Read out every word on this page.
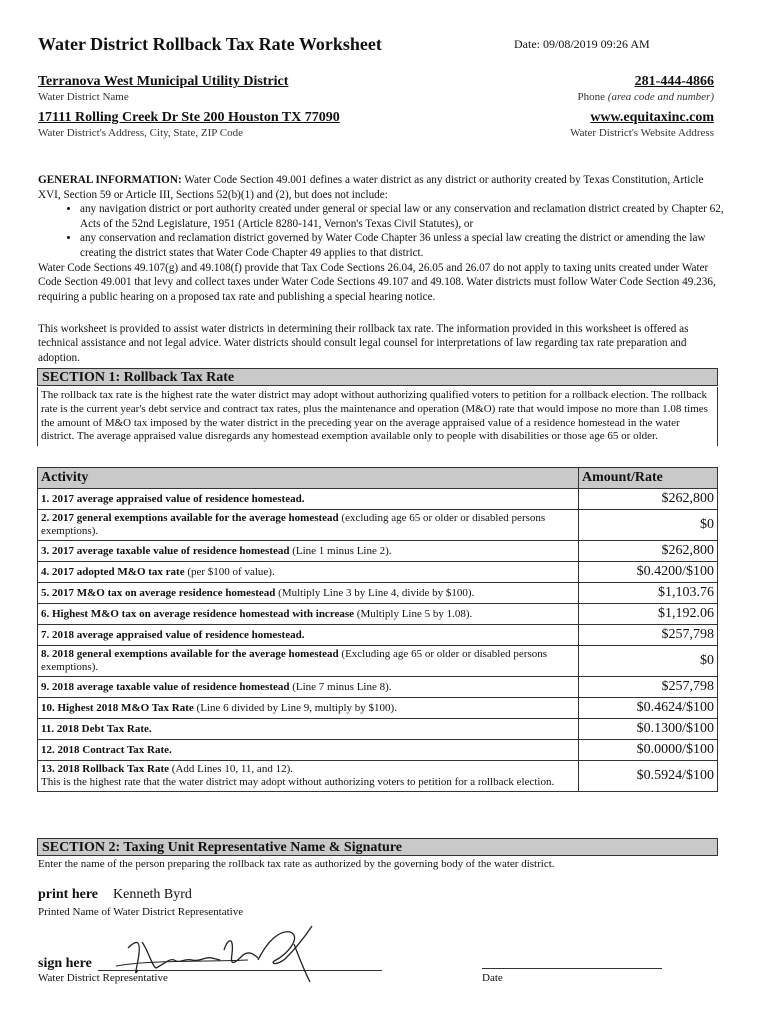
Water District Rollback Tax Rate Worksheet	Date: 09/08/2019 09:26 AM
Terranova West Municipal Utility District
Water District Name
281-444-4866
Phone (area code and number)
17111 Rolling Creek Dr Ste 200 Houston TX 77090
Water District's Address, City, State, ZIP Code
www.equitaxinc.com
Water District's Website Address
GENERAL INFORMATION: Water Code Section 49.001 defines a water district as any district or authority created by Texas Constitution, Article XVI, Section 59 or Article III, Sections 52(b)(1) and (2), but does not include:
• any navigation district or port authority created under general or special law or any conservation and reclamation district created by Chapter 62, Acts of the 52nd Legislature, 1951 (Article 8280-141, Vernon's Texas Civil Statutes), or
• any conservation and reclamation district governed by Water Code Chapter 36 unless a special law creating the district or amending the law creating the district states that Water Code Chapter 49 applies to that district.
Water Code Sections 49.107(g) and 49.108(f) provide that Tax Code Sections 26.04, 26.05 and 26.07 do not apply to taxing units created under Water Code Section 49.001 that levy and collect taxes under Water Code Sections 49.107 and 49.108. Water districts must follow Water Code Section 49.236, requiring a public hearing on a proposed tax rate and publishing a special hearing notice.
This worksheet is provided to assist water districts in determining their rollback tax rate. The information provided in this worksheet is offered as technical assistance and not legal advice. Water districts should consult legal counsel for interpretations of law regarding tax rate preparation and adoption.
SECTION 1: Rollback Tax Rate
The rollback tax rate is the highest rate the water district may adopt without authorizing qualified voters to petition for a rollback election. The rollback rate is the current year's debt service and contract tax rates, plus the maintenance and operation (M&O) rate that would impose no more than 1.08 times the amount of M&O tax imposed by the water district in the preceding year on the average appraised value of a residence homestead in the water district. The average appraised value disregards any homestead exemption available only to people with disabilities or those age 65 or older.
Activity	Amount/Rate
1. 2017 average appraised value of residence homestead.	$262,800
2. 2017 general exemptions available for the average homestead (excluding age 65 or older or disabled persons exemptions).	$0
3. 2017 average taxable value of residence homestead (Line 1 minus Line 2).	$262,800
4. 2017 adopted M&O tax rate (per $100 of value).	$0.4200/$100
5. 2017 M&O tax on average residence homestead (Multiply Line 3 by Line 4, divide by $100).	$1,103.76
6. Highest M&O tax on average residence homestead with increase (Multiply Line 5 by 1.08).	$1,192.06
7. 2018 average appraised value of residence homestead.	$257,798
8. 2018 general exemptions available for the average homestead (Excluding age 65 or older or disabled persons exemptions).	$0
9. 2018 average taxable value of residence homestead (Line 7 minus Line 8).	$257,798
10. Highest 2018 M&O Tax Rate (Line 6 divided by Line 9, multiply by $100).	$0.4624/$100
11. 2018 Debt Tax Rate.	$0.1300/$100
12. 2018 Contract Tax Rate.	$0.0000/$100
13. 2018 Rollback Tax Rate (Add Lines 10, 11, and 12).
This is the highest rate that the water district may adopt without authorizing voters to petition for a rollback election.	$0.5924/$100
SECTION 2: Taxing Unit Representative Name & Signature
Enter the name of the person preparing the rollback tax rate as authorized by the governing body of the water district.
print here Kenneth Byrd
Printed Name of Water District Representative
sign here
Water District Representative	Date
